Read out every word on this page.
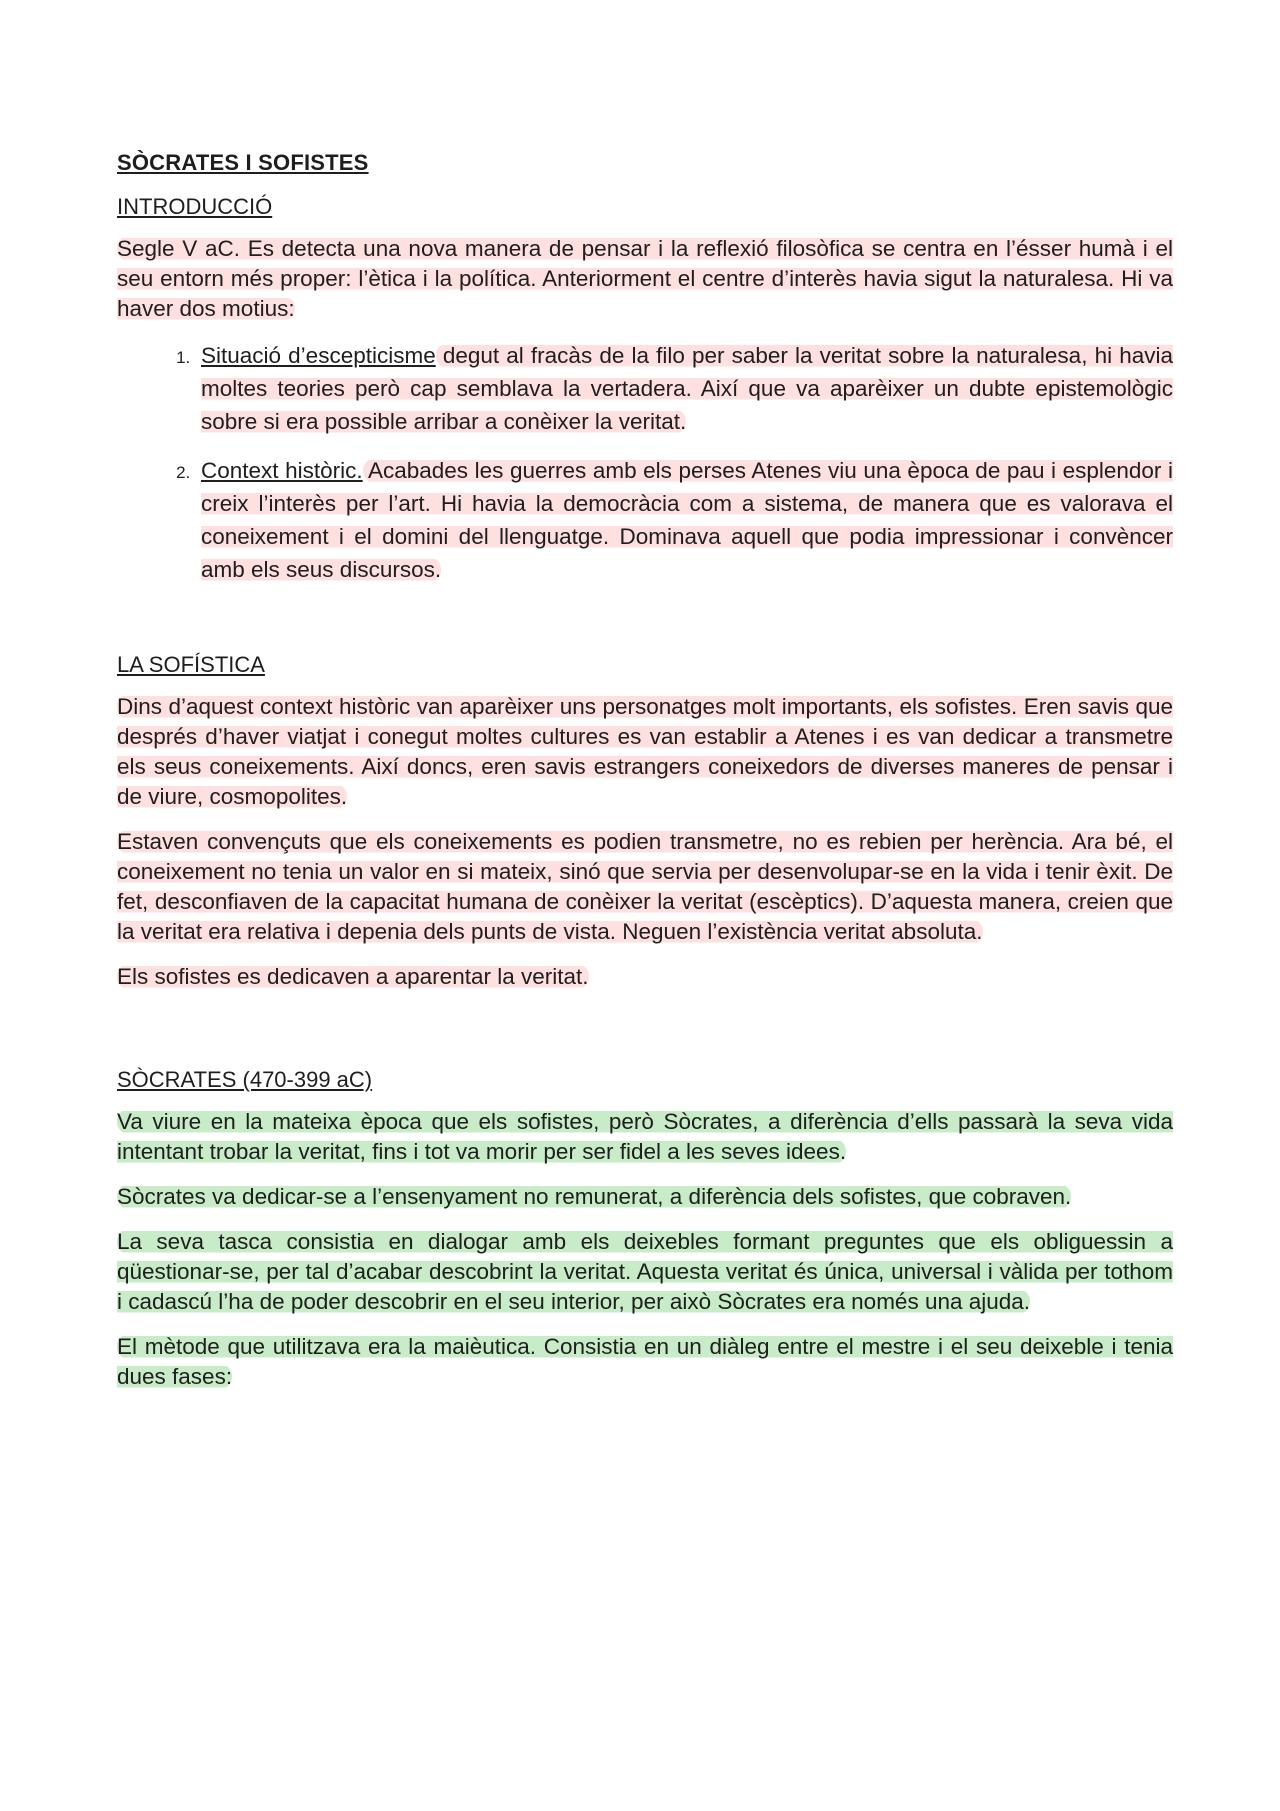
SÒCRATES I SOFISTES
INTRODUCCIÓ

Segle V aC. Es detecta una nova manera de pensar i la reflexió filosòfica se centra en l’ésser humà i el seu entorn més proper: l’ètica i la política. Anteriorment el centre d’interès havia sigut la naturalesa. Hi va haver dos motius:

1. Situació d’escepticisme degut al fracàs de la filo per saber la veritat sobre la naturalesa, hi havia moltes teories però cap semblava la vertadera. Així que va aparèixer un dubte epistemològic sobre si era possible arribar a conèixer la veritat.
2. Context històric. Acabades les guerres amb els perses Atenes viu una època de pau i esplendor i creix l’interès per l’art. Hi havia la democràcia com a sistema, de manera que es valorava el coneixement i el domini del llenguatge. Dominava aquell que podia impressionar i convèncer amb els seus discursos.
LA SOFÍSTICA

Dins d’aquest context històric van aparèixer uns personatges molt importants, els sofistes. Eren savis que després d’haver viatjat i conegut moltes cultures es van establir a Atenes i es van dedicar a transmetre els seus coneixements. Així doncs, eren savis estrangers coneixedors de diverses maneres de pensar i de viure, cosmopolites.

Estaven convençuts que els coneixements es podien transmetre, no es rebien per herència. Ara bé, el coneixement no tenia un valor en si mateix, sinó que servia per desenvolupar-se en la vida i tenir èxit. De fet, desconfiaven de la capacitat humana de conèixer la veritat (escèptics). D’aquesta manera, creien que la veritat era relativa i depenia dels punts de vista. Neguen l’existència veritat absoluta.

Els sofistes es dedicaven a aparentar la veritat.

SÒCRATES (470-399 aC)

Va viure en la mateixa època que els sofistes, però Sòcrates, a diferència d’ells passarà la seva vida intentant trobar la veritat, fins i tot va morir per ser fidel a les seves idees.

Sòcrates va dedicar-se a l’ensenyament no remunerat, a diferència dels sofistes, que cobraven.

La seva tasca consistia en dialogar amb els deixebles formant preguntes que els obliguessin a qüestionar-se, per tal d’acabar descobrint la veritat. Aquesta veritat és única, universal i vàlida per tothom i cadascú l’ha de poder descobrir en el seu interior, per això Sòcrates era només una ajuda.

El mètode que utilitzava era la maièutica. Consistia en un diàleg entre el mestre i el seu deixeble i tenia dues fases:
